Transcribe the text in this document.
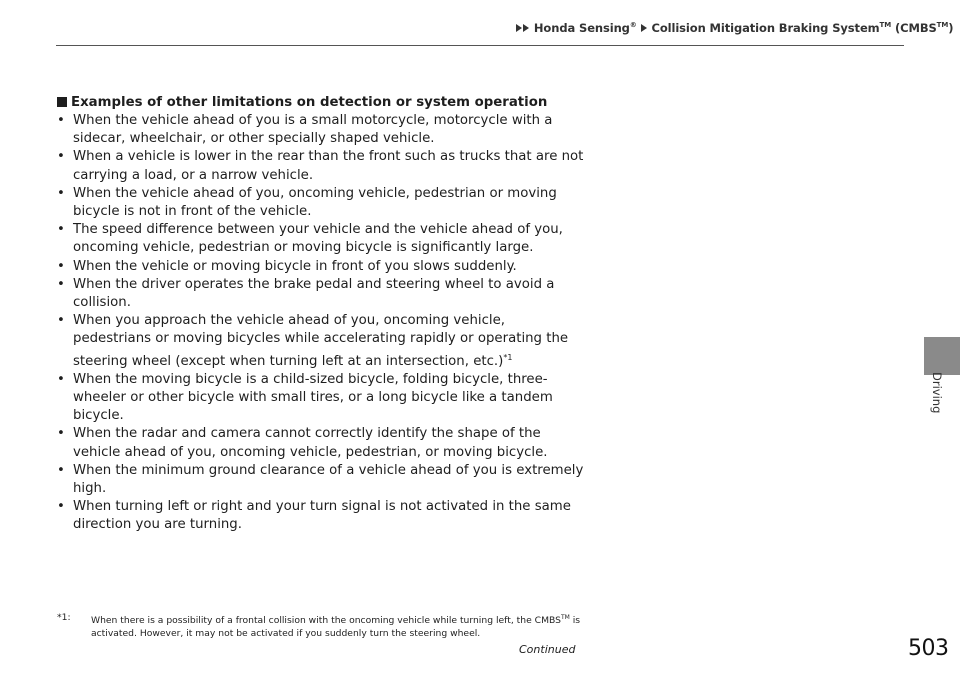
Honda Sensing® Collision Mitigation Braking System™ (CMBS™)
Examples of other limitations on detection or system operation
• When the vehicle ahead of you is a small motorcycle, motorcycle with a sidecar, wheelchair, or other specially shaped vehicle.
• When a vehicle is lower in the rear than the front such as trucks that are not carrying a load, or a narrow vehicle.
• When the vehicle ahead of you, oncoming vehicle, pedestrian or moving bicycle is not in front of the vehicle.
• The speed difference between your vehicle and the vehicle ahead of you, oncoming vehicle, pedestrian or moving bicycle is significantly large.
• When the vehicle or moving bicycle in front of you slows suddenly.
• When the driver operates the brake pedal and steering wheel to avoid a collision.
• When you approach the vehicle ahead of you, oncoming vehicle, pedestrians or moving bicycles while accelerating rapidly or operating the steering wheel (except when turning left at an intersection, etc.)$^{*1}$
• When the moving bicycle is a child-sized bicycle, folding bicycle, three-wheeler or other bicycle with small tires, or a long bicycle like a tandem bicycle.
• When the radar and camera cannot correctly identify the shape of the vehicle ahead of you, oncoming vehicle, pedestrian, or moving bicycle.
• When the minimum ground clearance of a vehicle ahead of you is extremely high.
• When turning left or right and your turn signal is not activated in the same direction you are turning.
*1:	When there is a possibility of a frontal collision with the oncoming vehicle while turning left, the CMBS™ is activated. However, it may not be activated if you suddenly turn the steering wheel.
Continued	503
Driving
